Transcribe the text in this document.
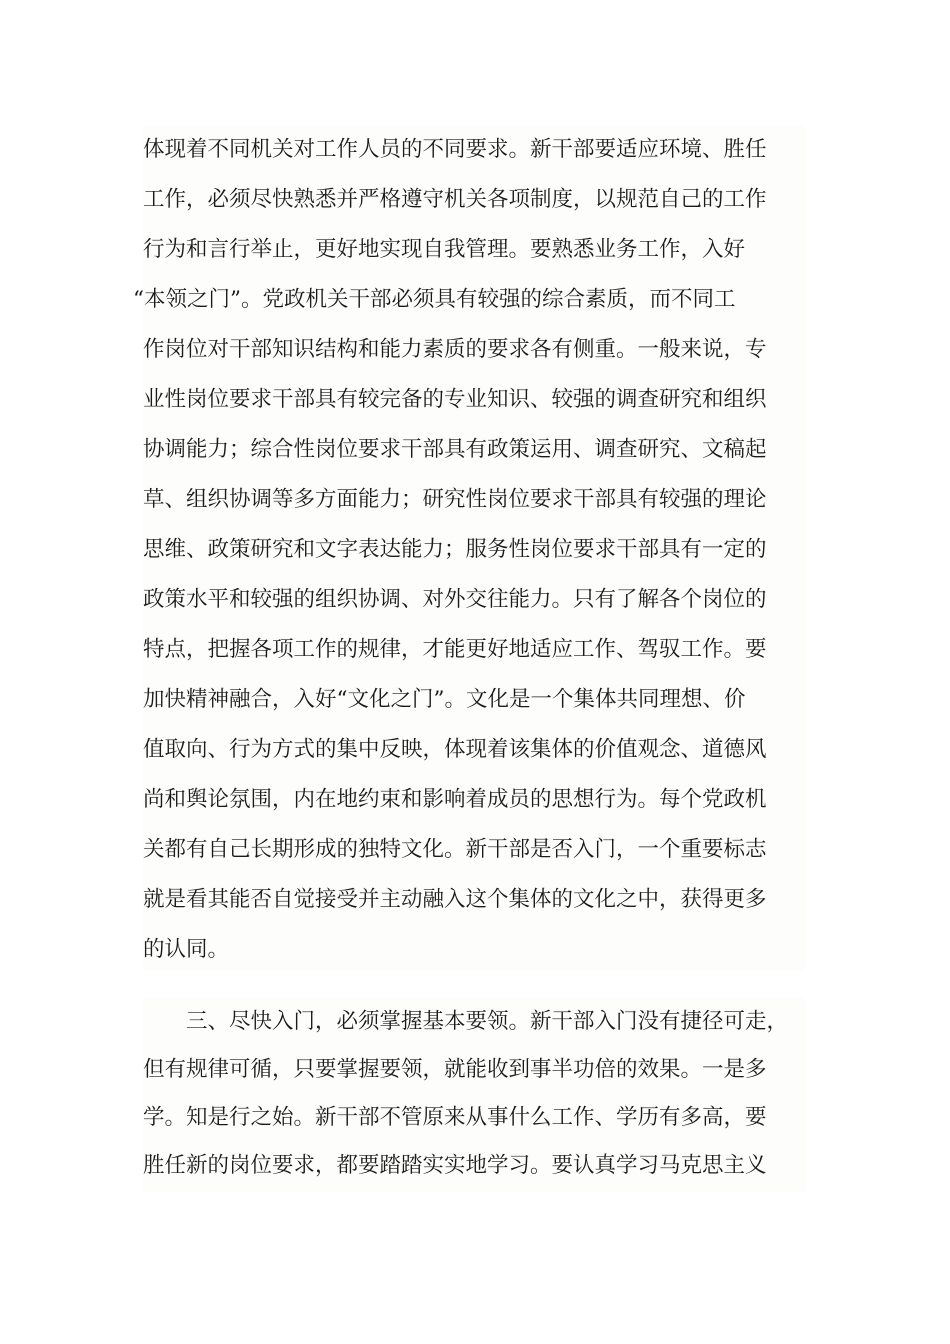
体现着不同机关对工作人员的不同要求。新干部要适应环境、胜任
工作，必须尽快熟悉并严格遵守机关各项制度，以规范自己的工作
行为和言行举止，更好地实现自我管理。要熟悉业务工作，入好
“本领之门”。党政机关干部必须具有较强的综合素质，而不同工
作岗位对干部知识结构和能力素质的要求各有侧重。一般来说，专
业性岗位要求干部具有较完备的专业知识、较强的调查研究和组织
协调能力；综合性岗位要求干部具有政策运用、调查研究、文稿起
草、组织协调等多方面能力；研究性岗位要求干部具有较强的理论
思维、政策研究和文字表达能力；服务性岗位要求干部具有一定的
政策水平和较强的组织协调、对外交往能力。只有了解各个岗位的
特点，把握各项工作的规律，才能更好地适应工作、驾驭工作。要
加快精神融合，入好“文化之门”。文化是一个集体共同理想、价
值取向、行为方式的集中反映，体现着该集体的价值观念、道德风
尚和舆论氛围，内在地约束和影响着成员的思想行为。每个党政机
关都有自己长期形成的独特文化。新干部是否入门，一个重要标志
就是看其能否自觉接受并主动融入这个集体的文化之中，获得更多
的认同。
　　三、尽快入门，必须掌握基本要领。新干部入门没有捷径可走，
但有规律可循，只要掌握要领，就能收到事半功倍的效果。一是多
学。知是行之始。新干部不管原来从事什么工作、学历有多高，要
胜任新的岗位要求，都要踏踏实实地学习。要认真学习马克思主义
